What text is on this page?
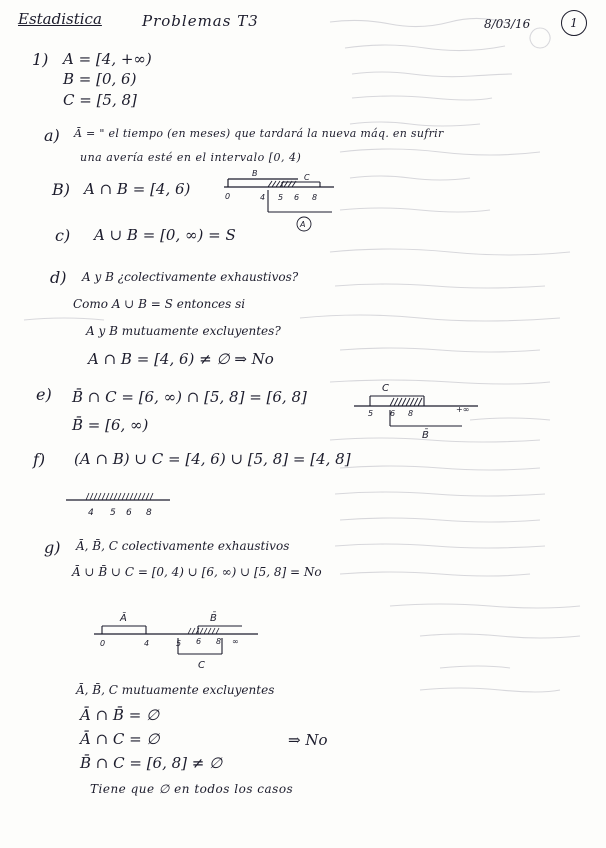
Estadistica	Problemas T3	8/03/16	1
1) A = [4, +∞)
B = [0, 6)
C = [5, 8]
a) Ā = " el tiempo (en meses) que tardará la nueva máq. en sufrir
una avería esté en el intervalo [0, 4)
B) A ∩ B = [4, 6)
B	C
0	4 5 6 8
A
c) A ∪ B = [0, ∞) = S
d) A y B ¿colectivamente exhaustivos?
Como A ∪ B = S entonces si
A y B mutuamente excluyentes?
A ∩ B = [4, 6) ≠ ∅ ⇒ No
e) B̄ ∩ C = [6, ∞) ∩ [5, 8] = [6, 8]
B̄ = [6, ∞)
C
5 6 8	+∞
B̄
f) (A ∩ B) ∪ C = [4, 6) ∪ [5, 8] = [4, 8]
4 5 6 8
g) Ā, B̄, C colectivamente exhaustivos
Ā ∪ B̄ ∪ C = [0, 4) ∪ [6, ∞) ∪ [5, 8] = No
Ā	B̄
0	4	5 6 8 ∞
C
Ā, B̄, C mutuamente excluyentes
Ā ∩ B̄ = ∅
Ā ∩ C = ∅
B̄ ∩ C = [6, 8] ≠ ∅
⇒ No
Tiene que ∅ en todos los casos
